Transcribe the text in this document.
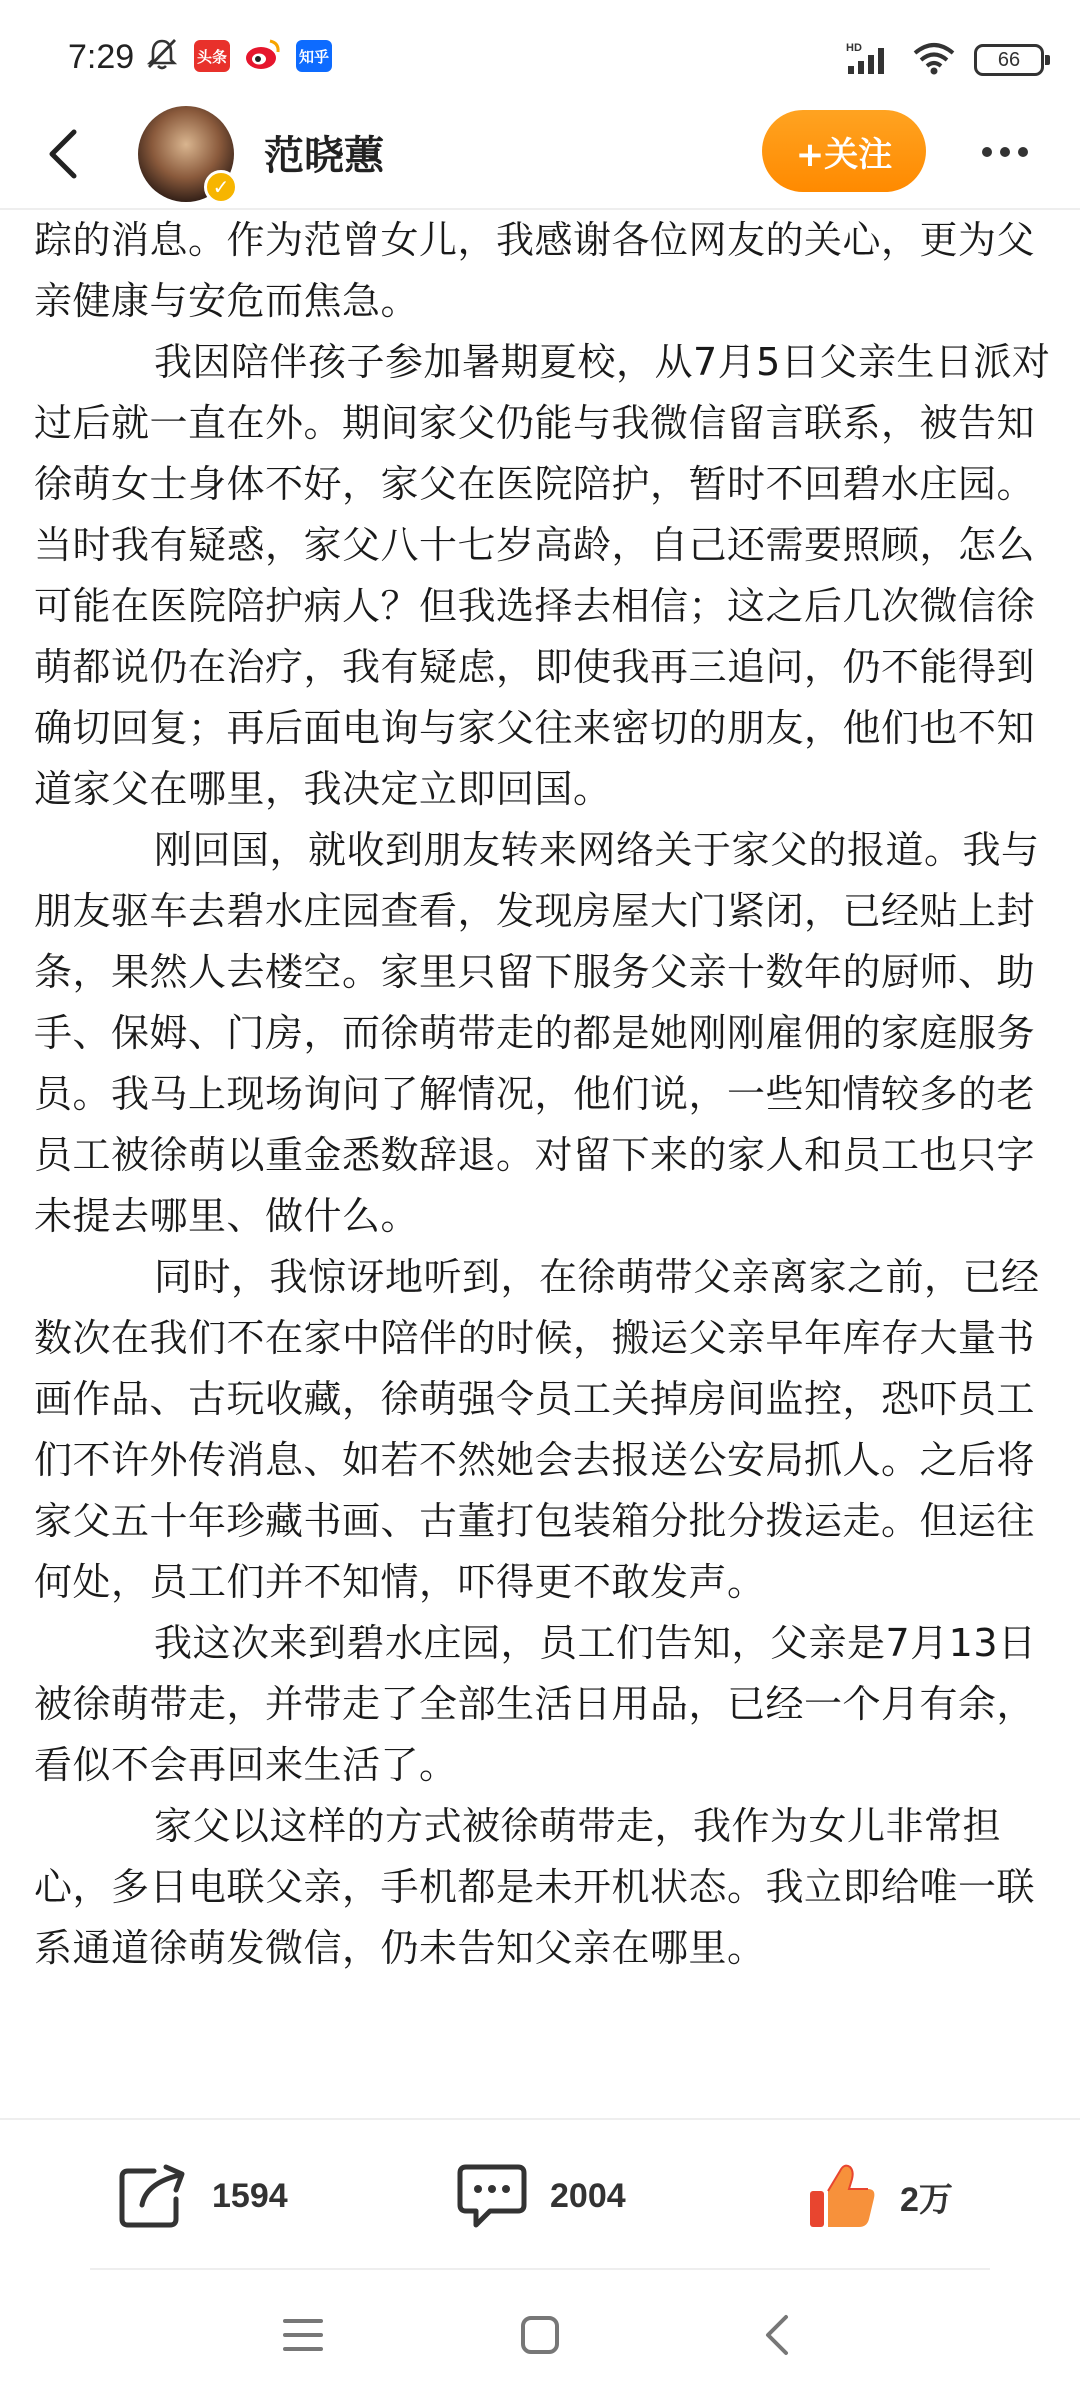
7:29	头条	知乎	HD
66
✓
范晓蕙	+关注

踪的消息。作为范曾女儿，我感谢各位网友的关心，更为父亲健康与安危而焦急。

我因陪伴孩子参加暑期夏校，从7月5日父亲生日派对过后就一直在外。期间家父仍能与我微信留言联系，被告知徐萌女士身体不好，家父在医院陪护，暂时不回碧水庄园。当时我有疑惑，家父八十七岁高龄，自己还需要照顾，怎么可能在医院陪护病人？但我选择去相信；这之后几次微信徐萌都说仍在治疗，我有疑虑，即使我再三追问，仍不能得到确切回复；再后面电询与家父往来密切的朋友，他们也不知道家父在哪里，我决定立即回国。

刚回国，就收到朋友转来网络关于家父的报道。我与朋友驱车去碧水庄园查看，发现房屋大门紧闭，已经贴上封条，果然人去楼空。家里只留下服务父亲十数年的厨师、助手、保姆、门房，而徐萌带走的都是她刚刚雇佣的家庭服务员。我马上现场询问了解情况，他们说，一些知情较多的老员工被徐萌以重金悉数辞退。对留下来的家人和员工也只字未提去哪里、做什么。

同时，我惊讶地听到，在徐萌带父亲离家之前，已经数次在我们不在家中陪伴的时候，搬运父亲早年库存大量书画作品、古玩收藏，徐萌强令员工关掉房间监控，恐吓员工们不许外传消息、如若不然她会去报送公安局抓人。之后将家父五十年珍藏书画、古董打包装箱分批分拨运走。但运往何处，员工们并不知情，吓得更不敢发声。

我这次来到碧水庄园，员工们告知，父亲是7月13日被徐萌带走，并带走了全部生活日用品，已经一个月有余，看似不会再回来生活了。

家父以这样的方式被徐萌带走，我作为女儿非常担心，多日电联父亲，手机都是未开机状态。我立即给唯一联系通道徐萌发微信，仍未告知父亲在哪里。

1594	2004	2万
